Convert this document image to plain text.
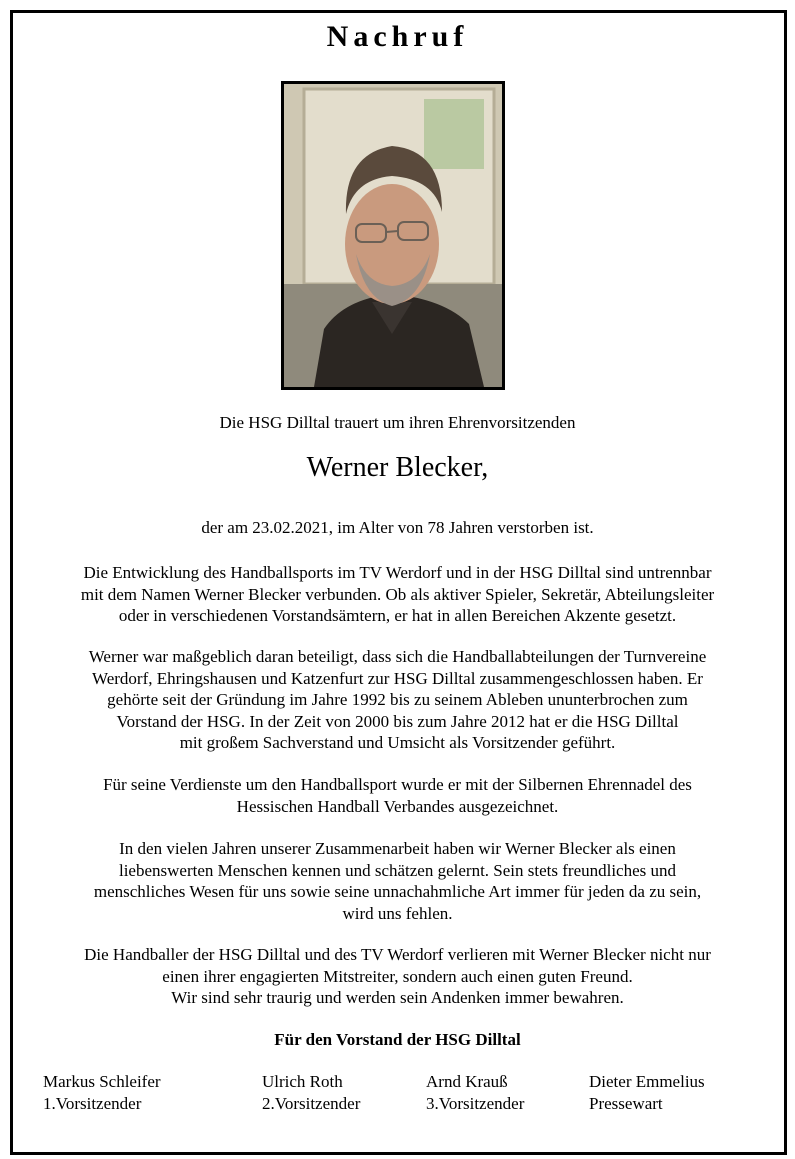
Nachruf
Die HSG Dilltal trauert um ihren Ehrenvorsitzenden
Werner Blecker,
der am 23.02.2021, im Alter von 78 Jahren verstorben ist.
Die Entwicklung des Handballsports im TV Werdorf und in der HSG Dilltal sind untrennbar
mit dem Namen Werner Blecker verbunden. Ob als aktiver Spieler, Sekretär, Abteilungsleiter
oder in verschiedenen Vorstandsämtern, er hat in allen Bereichen Akzente gesetzt.
Werner war maßgeblich daran beteiligt, dass sich die Handballabteilungen der Turnvereine
Werdorf, Ehringshausen und Katzenfurt zur HSG Dilltal zusammengeschlossen haben. Er
gehörte seit der Gründung im Jahre 1992 bis zu seinem Ableben ununterbrochen zum
Vorstand der HSG. In der Zeit von 2000 bis zum Jahre 2012 hat er die HSG Dilltal
mit großem Sachverstand und Umsicht als Vorsitzender geführt.
Für seine Verdienste um den Handballsport wurde er mit der Silbernen Ehrennadel des
Hessischen Handball Verbandes ausgezeichnet.
In den vielen Jahren unserer Zusammenarbeit haben wir Werner Blecker als einen
liebenswerten Menschen kennen und schätzen gelernt. Sein stets freundliches und
menschliches Wesen für uns sowie seine unnachahmliche Art immer für jeden da zu sein,
wird uns fehlen.
Die Handballer der HSG Dilltal und des TV Werdorf verlieren mit Werner Blecker nicht nur
einen ihrer engagierten Mitstreiter, sondern auch einen guten Freund.
Wir sind sehr traurig und werden sein Andenken immer bewahren.
Für den Vorstand der HSG Dilltal
Markus Schleifer
1.Vorsitzender
Ulrich Roth
2.Vorsitzender
Arnd Krauß
3.Vorsitzender
Dieter Emmelius
Pressewart
